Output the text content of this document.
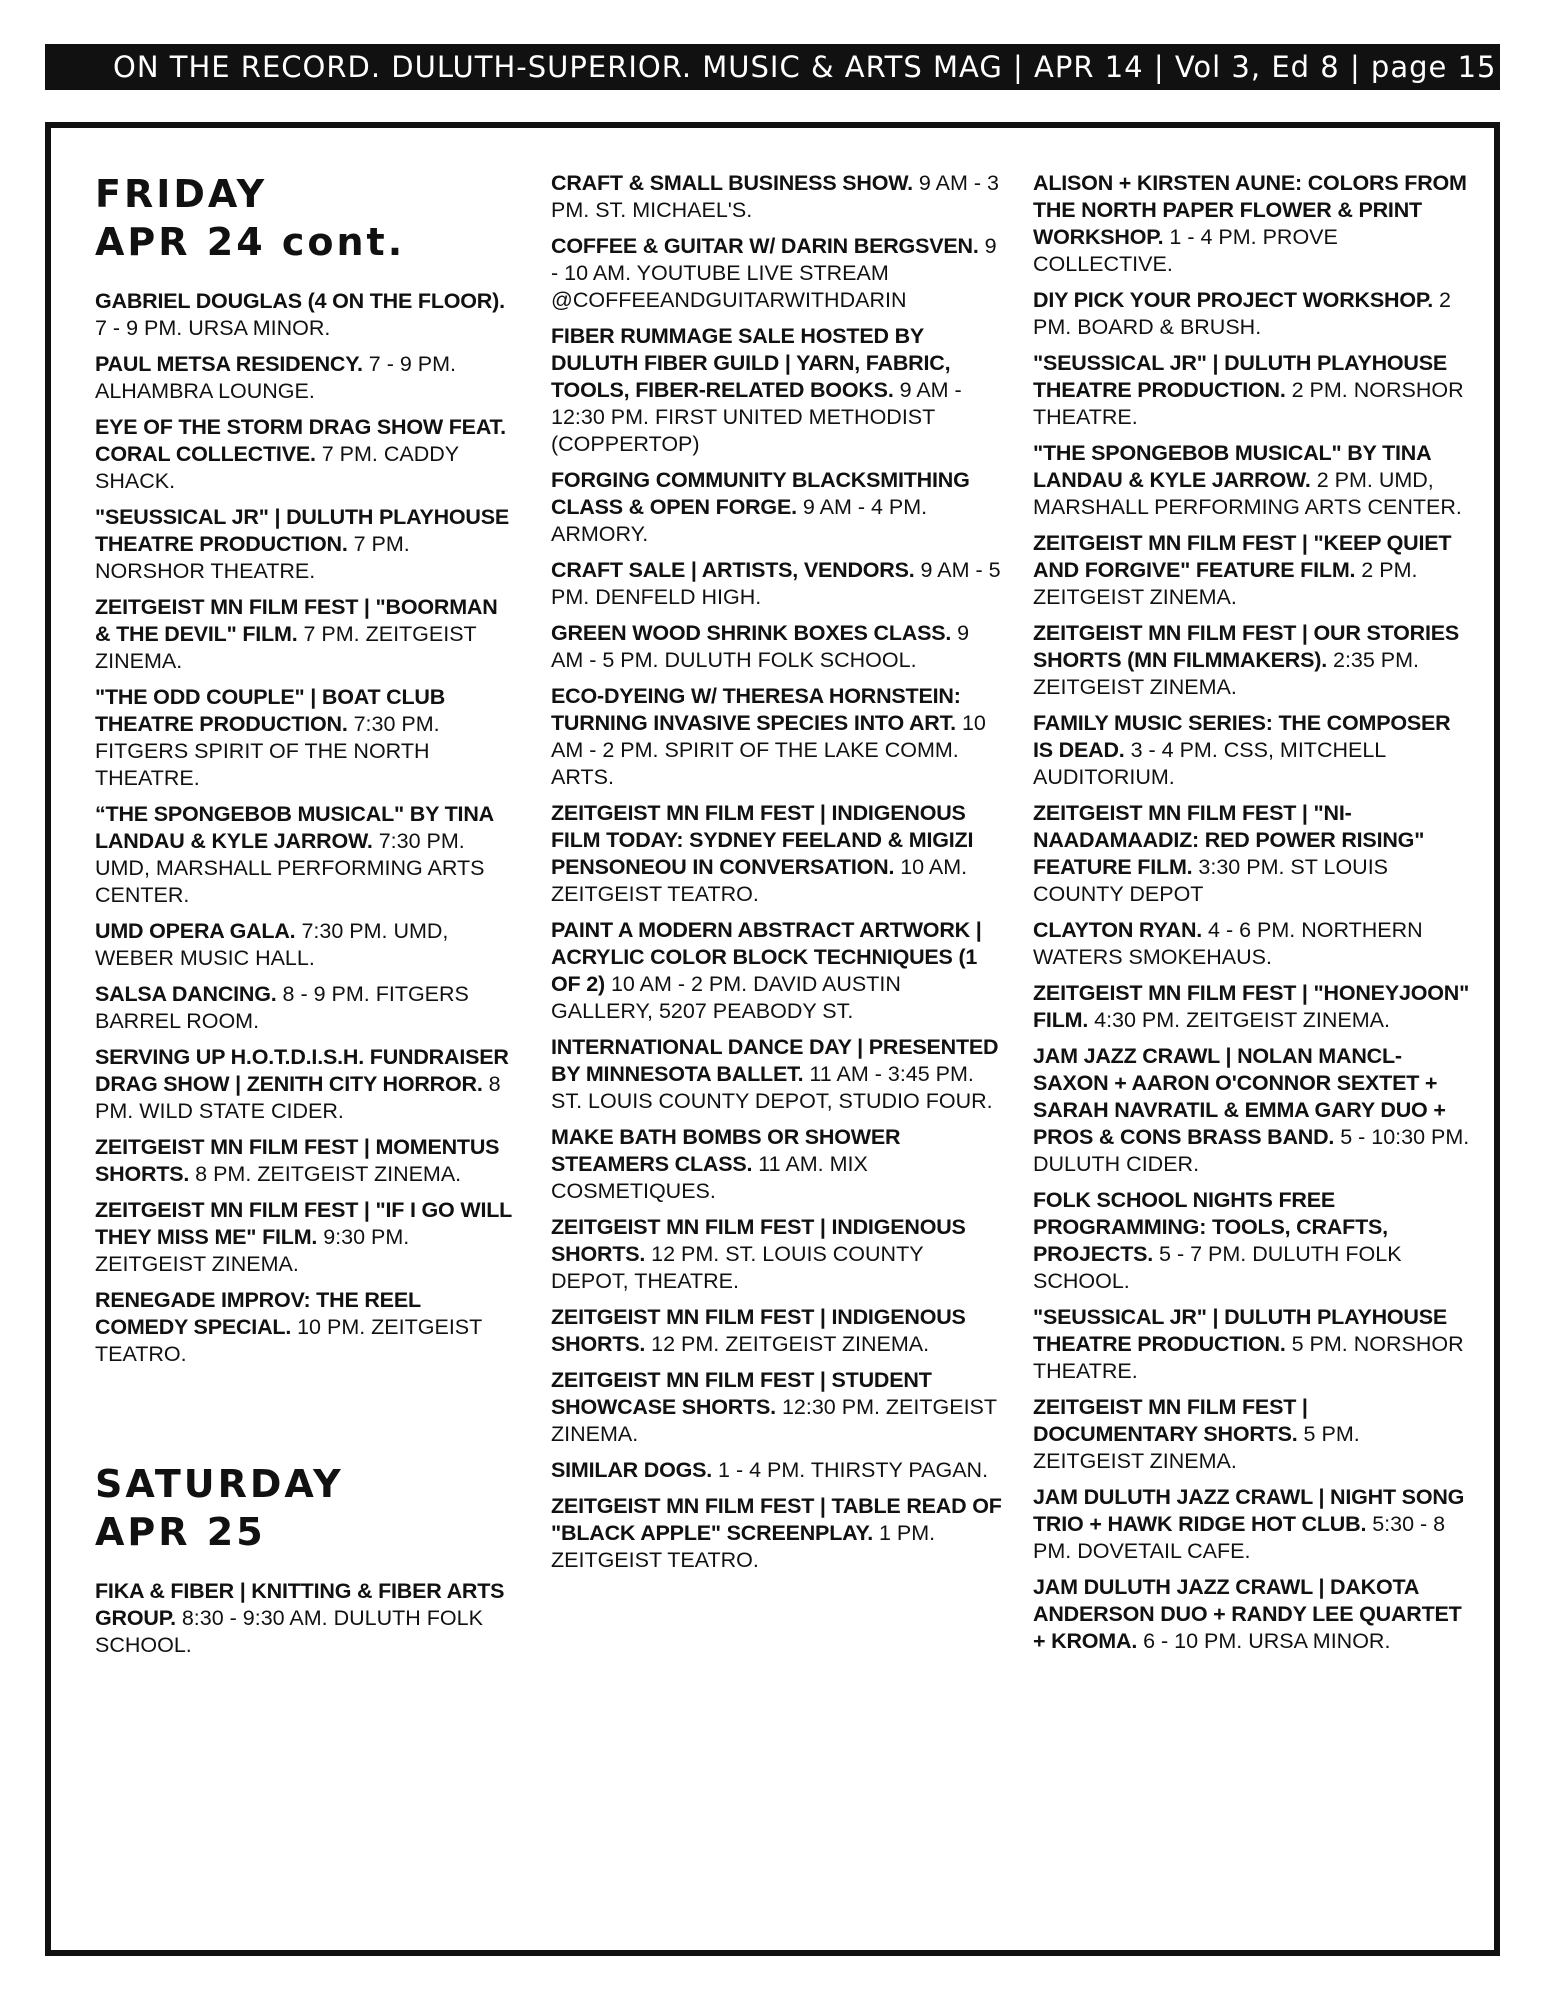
ON THE RECORD. DULUTH-SUPERIOR. MUSIC & ARTS MAG | APR 14 | Vol 3, Ed 8 | page 15
FRIDAY
APR 24 cont.
GABRIEL DOUGLAS (4 ON THE FLOOR). 7 - 9 PM. URSA MINOR.
PAUL METSA RESIDENCY. 7 - 9 PM. ALHAMBRA LOUNGE.
EYE OF THE STORM DRAG SHOW FEAT. CORAL COLLECTIVE. 7 PM. CADDY SHACK.
"SEUSSICAL JR" | DULUTH PLAYHOUSE THEATRE PRODUCTION. 7 PM. NORSHOR THEATRE.
ZEITGEIST MN FILM FEST | "BOORMAN & THE DEVIL" FILM. 7 PM. ZEITGEIST ZINEMA.
"THE ODD COUPLE" | BOAT CLUB THEATRE PRODUCTION. 7:30 PM. FITGERS SPIRIT OF THE NORTH THEATRE.
“THE SPONGEBOB MUSICAL" BY TINA LANDAU & KYLE JARROW. 7:30 PM. UMD, MARSHALL PERFORMING ARTS CENTER.
UMD OPERA GALA. 7:30 PM. UMD, WEBER MUSIC HALL.
SALSA DANCING. 8 - 9 PM. FITGERS BARREL ROOM.
SERVING UP H.O.T.D.I.S.H. FUNDRAISER DRAG SHOW | ZENITH CITY HORROR. 8 PM. WILD STATE CIDER.
ZEITGEIST MN FILM FEST | MOMENTUS SHORTS. 8 PM. ZEITGEIST ZINEMA.
ZEITGEIST MN FILM FEST | "IF I GO WILL THEY MISS ME" FILM. 9:30 PM. ZEITGEIST ZINEMA.
RENEGADE IMPROV: THE REEL COMEDY SPECIAL. 10 PM. ZEITGEIST TEATRO.
SATURDAY
APR 25
FIKA & FIBER | KNITTING & FIBER ARTS GROUP. 8:30 - 9:30 AM. DULUTH FOLK SCHOOL.
CRAFT & SMALL BUSINESS SHOW. 9 AM - 3 PM. ST. MICHAEL'S.
COFFEE & GUITAR W/ DARIN BERGSVEN. 9 - 10 AM. YOUTUBE LIVE STREAM @COFFEEANDGUITARWITHDARIN
FIBER RUMMAGE SALE HOSTED BY DULUTH FIBER GUILD | YARN, FABRIC, TOOLS, FIBER-RELATED BOOKS. 9 AM - 12:30 PM. FIRST UNITED METHODIST (COPPERTOP)
FORGING COMMUNITY BLACKSMITHING CLASS & OPEN FORGE. 9 AM - 4 PM. ARMORY.
CRAFT SALE | ARTISTS, VENDORS. 9 AM - 5 PM. DENFELD HIGH.
GREEN WOOD SHRINK BOXES CLASS. 9 AM - 5 PM. DULUTH FOLK SCHOOL.
ECO-DYEING W/ THERESA HORNSTEIN: TURNING INVASIVE SPECIES INTO ART. 10 AM - 2 PM. SPIRIT OF THE LAKE COMM. ARTS.
ZEITGEIST MN FILM FEST | INDIGENOUS FILM TODAY: SYDNEY FEELAND & MIGIZI PENSONEOU IN CONVERSATION. 10 AM. ZEITGEIST TEATRO.
PAINT A MODERN ABSTRACT ARTWORK | ACRYLIC COLOR BLOCK TECHNIQUES (1 OF 2) 10 AM - 2 PM. DAVID AUSTIN GALLERY, 5207 PEABODY ST.
INTERNATIONAL DANCE DAY | PRESENTED BY MINNESOTA BALLET. 11 AM - 3:45 PM. ST. LOUIS COUNTY DEPOT, STUDIO FOUR.
MAKE BATH BOMBS OR SHOWER STEAMERS CLASS. 11 AM. MIX COSMETIQUES.
ZEITGEIST MN FILM FEST | INDIGENOUS SHORTS. 12 PM. ST. LOUIS COUNTY DEPOT, THEATRE.
ZEITGEIST MN FILM FEST | INDIGENOUS SHORTS. 12 PM. ZEITGEIST ZINEMA.
ZEITGEIST MN FILM FEST | STUDENT SHOWCASE SHORTS. 12:30 PM. ZEITGEIST ZINEMA.
SIMILAR DOGS. 1 - 4 PM. THIRSTY PAGAN.
ZEITGEIST MN FILM FEST | TABLE READ OF "BLACK APPLE" SCREENPLAY. 1 PM. ZEITGEIST TEATRO.
ALISON + KIRSTEN AUNE: COLORS FROM THE NORTH PAPER FLOWER & PRINT WORKSHOP. 1 - 4 PM. PROVE COLLECTIVE.
DIY PICK YOUR PROJECT WORKSHOP. 2 PM. BOARD & BRUSH.
"SEUSSICAL JR" | DULUTH PLAYHOUSE THEATRE PRODUCTION. 2 PM. NORSHOR THEATRE.
"THE SPONGEBOB MUSICAL" BY TINA LANDAU & KYLE JARROW. 2 PM. UMD, MARSHALL PERFORMING ARTS CENTER.
ZEITGEIST MN FILM FEST | "KEEP QUIET AND FORGIVE" FEATURE FILM. 2 PM. ZEITGEIST ZINEMA.
ZEITGEIST MN FILM FEST | OUR STORIES SHORTS (MN FILMMAKERS). 2:35 PM. ZEITGEIST ZINEMA.
FAMILY MUSIC SERIES: THE COMPOSER IS DEAD. 3 - 4 PM. CSS, MITCHELL AUDITORIUM.
ZEITGEIST MN FILM FEST | "NI-NAADAMAADIZ: RED POWER RISING" FEATURE FILM. 3:30 PM. ST LOUIS COUNTY DEPOT
CLAYTON RYAN. 4 - 6 PM. NORTHERN WATERS SMOKEHAUS.
ZEITGEIST MN FILM FEST | "HONEYJOON" FILM. 4:30 PM. ZEITGEIST ZINEMA.
JAM JAZZ CRAWL | NOLAN MANCL-SAXON + AARON O'CONNOR SEXTET + SARAH NAVRATIL & EMMA GARY DUO + PROS & CONS BRASS BAND. 5 - 10:30 PM. DULUTH CIDER.
FOLK SCHOOL NIGHTS FREE PROGRAMMING: TOOLS, CRAFTS, PROJECTS. 5 - 7 PM. DULUTH FOLK SCHOOL.
"SEUSSICAL JR" | DULUTH PLAYHOUSE THEATRE PRODUCTION. 5 PM. NORSHOR THEATRE.
ZEITGEIST MN FILM FEST | DOCUMENTARY SHORTS. 5 PM. ZEITGEIST ZINEMA.
JAM DULUTH JAZZ CRAWL | NIGHT SONG TRIO + HAWK RIDGE HOT CLUB. 5:30 - 8 PM. DOVETAIL CAFE.
JAM DULUTH JAZZ CRAWL | DAKOTA ANDERSON DUO + RANDY LEE QUARTET + KROMA. 6 - 10 PM. URSA MINOR.
